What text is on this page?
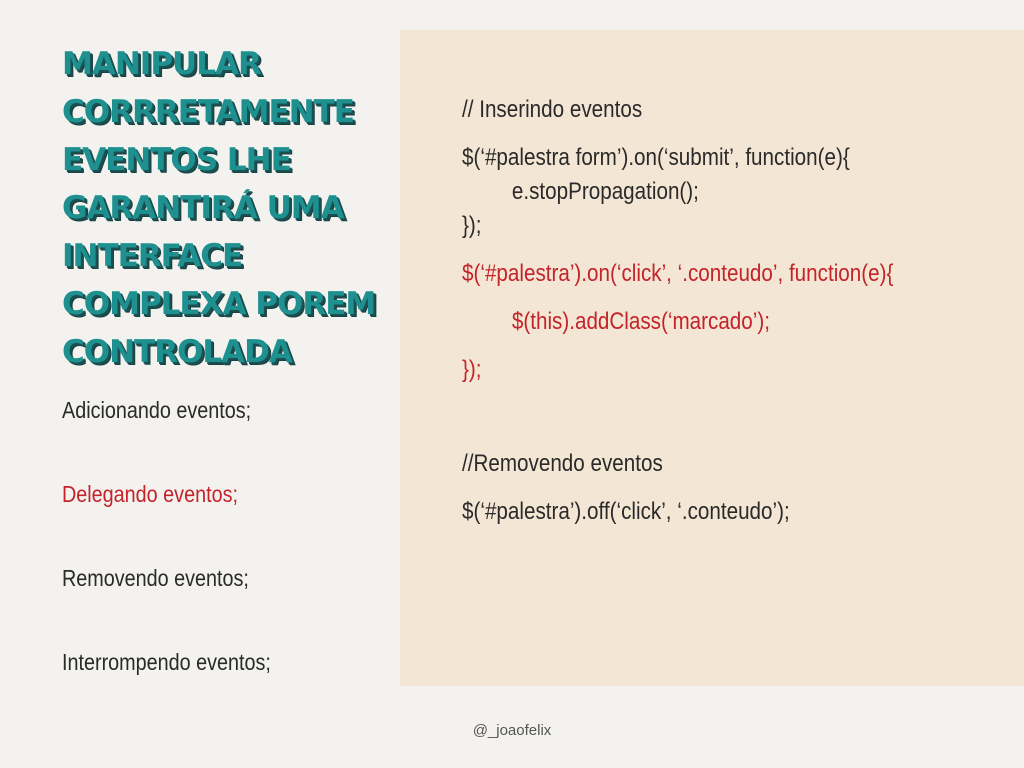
MANIPULAR
CORRRETAMENTE
EVENTOS LHE
GARANTIRÁ UMA
INTERFACE
COMPLEXA POREM
CONTROLADA
Adicionando eventos;
Delegando eventos;
Removendo eventos;
Interrompendo eventos;
// Inserindo eventos
$(‘#palestra form’).on(‘submit’, function(e){
e.stopPropagation();
});
$(‘#palestra’).on(‘click’, ‘.conteudo’, function(e){
$(this).addClass(‘marcado’);
});
//Removendo eventos
$(‘#palestra’).off(‘click’, ‘.conteudo’);
@_joaofelix
